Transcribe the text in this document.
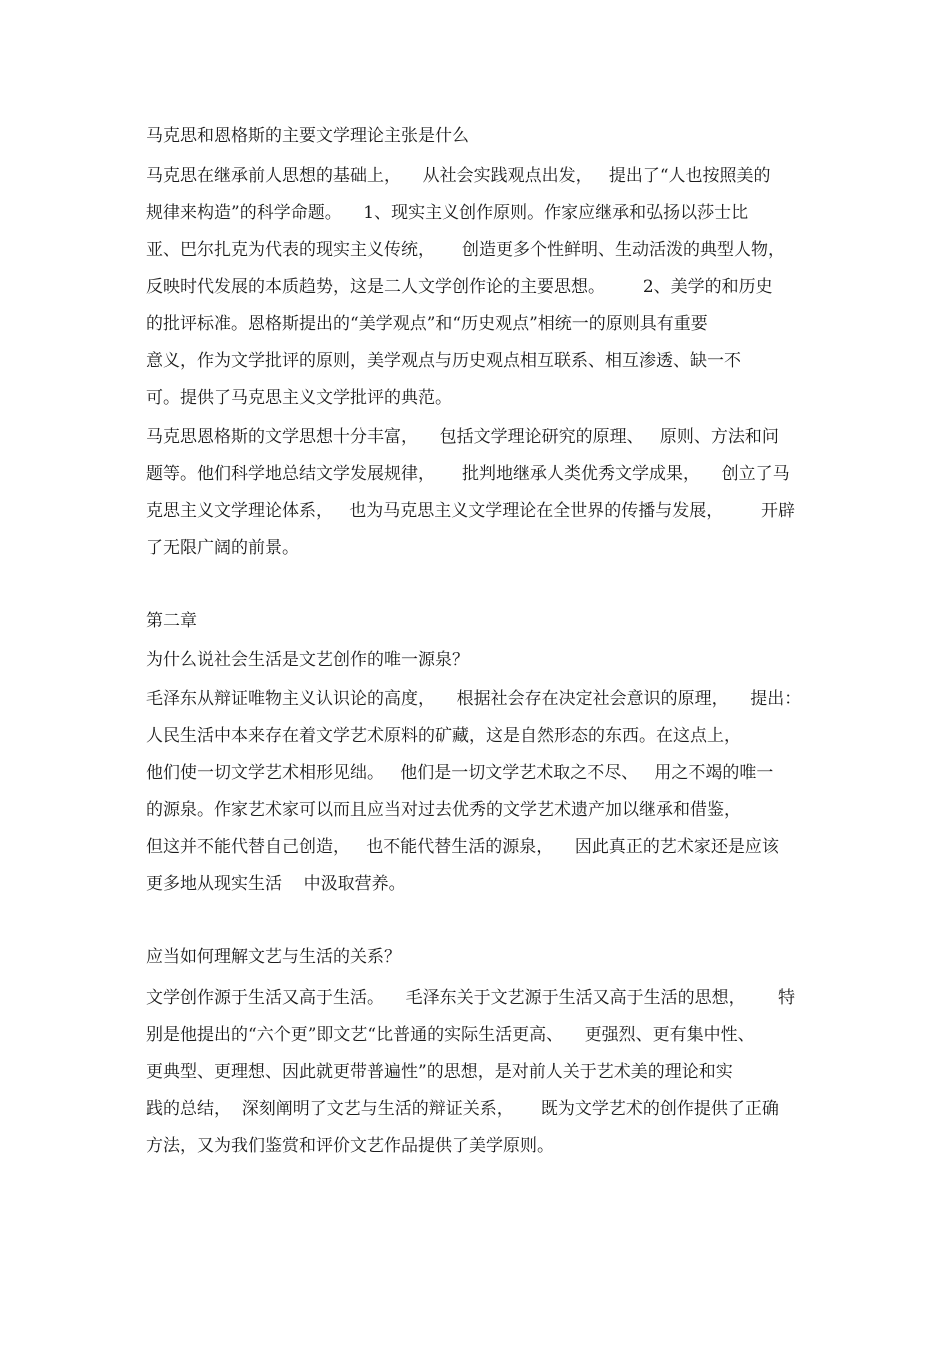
马克思和恩格斯的主要文学理论主张是什么
马克思在继承前人思想的基础上，    从社会实践观点出发，   提出了“人也按照美的
规律来构造”的科学命题。    1、现实主义创作原则。作家应继承和弘扬以莎士比
亚、巴尔扎克为代表的现实主义传统，     创造更多个性鲜明、生动活泼的典型人物，
反映时代发展的本质趋势，这是二人文学创作论的主要思想。       2、美学的和历史
的批评标准。恩格斯提出的“美学观点”和“历史观点”相统一的原则具有重要
意义，作为文学批评的原则，美学观点与历史观点相互联系、相互渗透、缺一不
可。提供了马克思主义文学批评的典范。
马克思恩格斯的文学思想十分丰富，    包括文学理论研究的原理、   原则、方法和问
题等。他们科学地总结文学发展规律，     批判地继承人类优秀文学成果，    创立了马
克思主义文学理论体系，   也为马克思主义文学理论在全世界的传播与发展，       开辟
了无限广阔的前景。
第二章
为什么说社会生活是文艺创作的唯一源泉？
毛泽东从辩证唯物主义认识论的高度，    根据社会存在决定社会意识的原理，    提出：
人民生活中本来存在着文学艺术原料的矿藏，这是自然形态的东西。在这点上，
他们使一切文学艺术相形见绌。   他们是一切文学艺术取之不尽、   用之不竭的唯一
的源泉。作家艺术家可以而且应当对过去优秀的文学艺术遗产加以继承和借鉴，
但这并不能代替自己创造，   也不能代替生活的源泉，    因此真正的艺术家还是应该
更多地从现实生活    中汲取营养。
应当如何理解文艺与生活的关系？
文学创作源于生活又高于生活。    毛泽东关于文艺源于生活又高于生活的思想，      特
别是他提出的“六个更”即文艺“比普通的实际生活更高、    更强烈、更有集中性、
更典型、更理想、因此就更带普遍性”的思想，是对前人关于艺术美的理论和实
践的总结，  深刻阐明了文艺与生活的辩证关系，     既为文学艺术的创作提供了正确
方法，又为我们鉴赏和评价文艺作品提供了美学原则。
